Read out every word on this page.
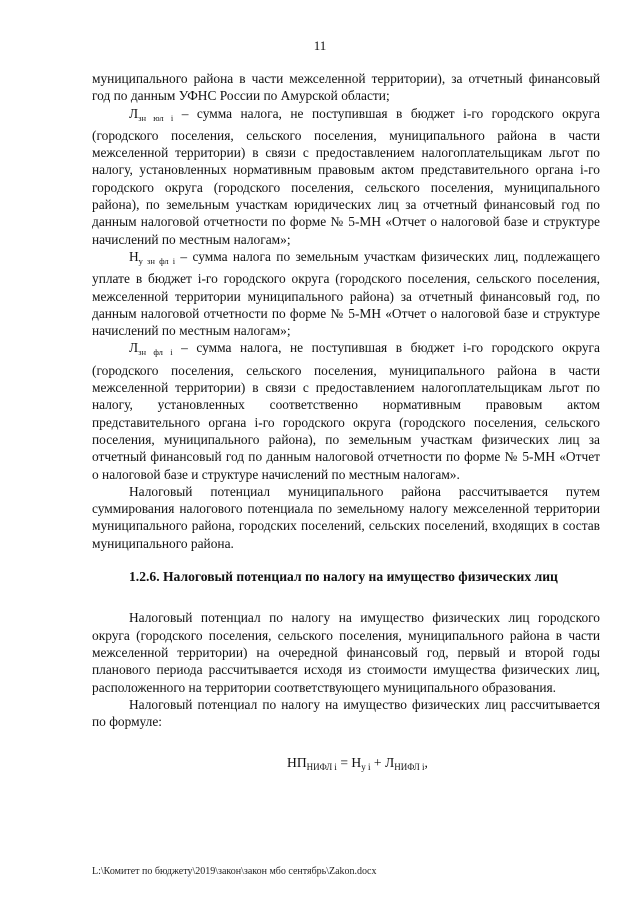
11

муниципального района в части межселенной территории), за отчетный финансовый год по данным УФНС России по Амурской области;

$Л_{зн юл i}$ – сумма налога, не поступившая в бюджет i-го городского округа (городского поселения, сельского поселения, муниципального района в части межселенной территории) в связи с предоставлением налогоплательщикам льгот по налогу, установленных нормативным правовым актом представительного органа i-го городского округа (городского поселения, сельского поселения, муниципального района), по земельным участкам юридических лиц за отчетный финансовый год по данным налоговой отчетности по форме № 5-МН «Отчет о налоговой базе и структуре начислений по местным налогам»;

$Н_{у зн фл i}$ – сумма налога по земельным участкам физических лиц, подлежащего уплате в бюджет i-го городского округа (городского поселения, сельского поселения, межселенной территории муниципального района) за отчетный финансовый год, по данным налоговой отчетности по форме № 5-МН «Отчет о налоговой базе и структуре начислений по местным налогам»;

$Л_{зн фл i}$ – сумма налога, не поступившая в бюджет i-го городского округа (городского поселения, сельского поселения, муниципального района в части межселенной территории) в связи с предоставлением налогоплательщикам льгот по налогу, установленных соответственно нормативным правовым актом представительного органа i-го городского округа (городского поселения, сельского поселения, муниципального района), по земельным участкам физических лиц за отчетный финансовый год по данным налоговой отчетности по форме № 5-МН «Отчет о налоговой базе и структуре начислений по местным налогам».

Налоговый потенциал муниципального района рассчитывается путем суммирования налогового потенциала по земельному налогу межселенной территории муниципального района, городских поселений, сельских поселений, входящих в состав муниципального района.

1.2.6. Налоговый потенциал по налогу на имущество физических лиц

Налоговый потенциал по налогу на имущество физических лиц городского округа (городского поселения, сельского поселения, муниципального района в части межселенной территории) на очередной финансовый год, первый и второй годы планового периода рассчитывается исходя из стоимости имущества физических лиц, расположенного на территории соответствующего муниципального образования.

Налоговый потенциал по налогу на имущество физических лиц рассчитывается по формуле:

$НП_{НИФЛ i} = Н_{у i} + Л_{НИФЛ i}$,

L:\Комитет по бюджету\2019\закон\закон мбо сентябрь\Zakon.docx
